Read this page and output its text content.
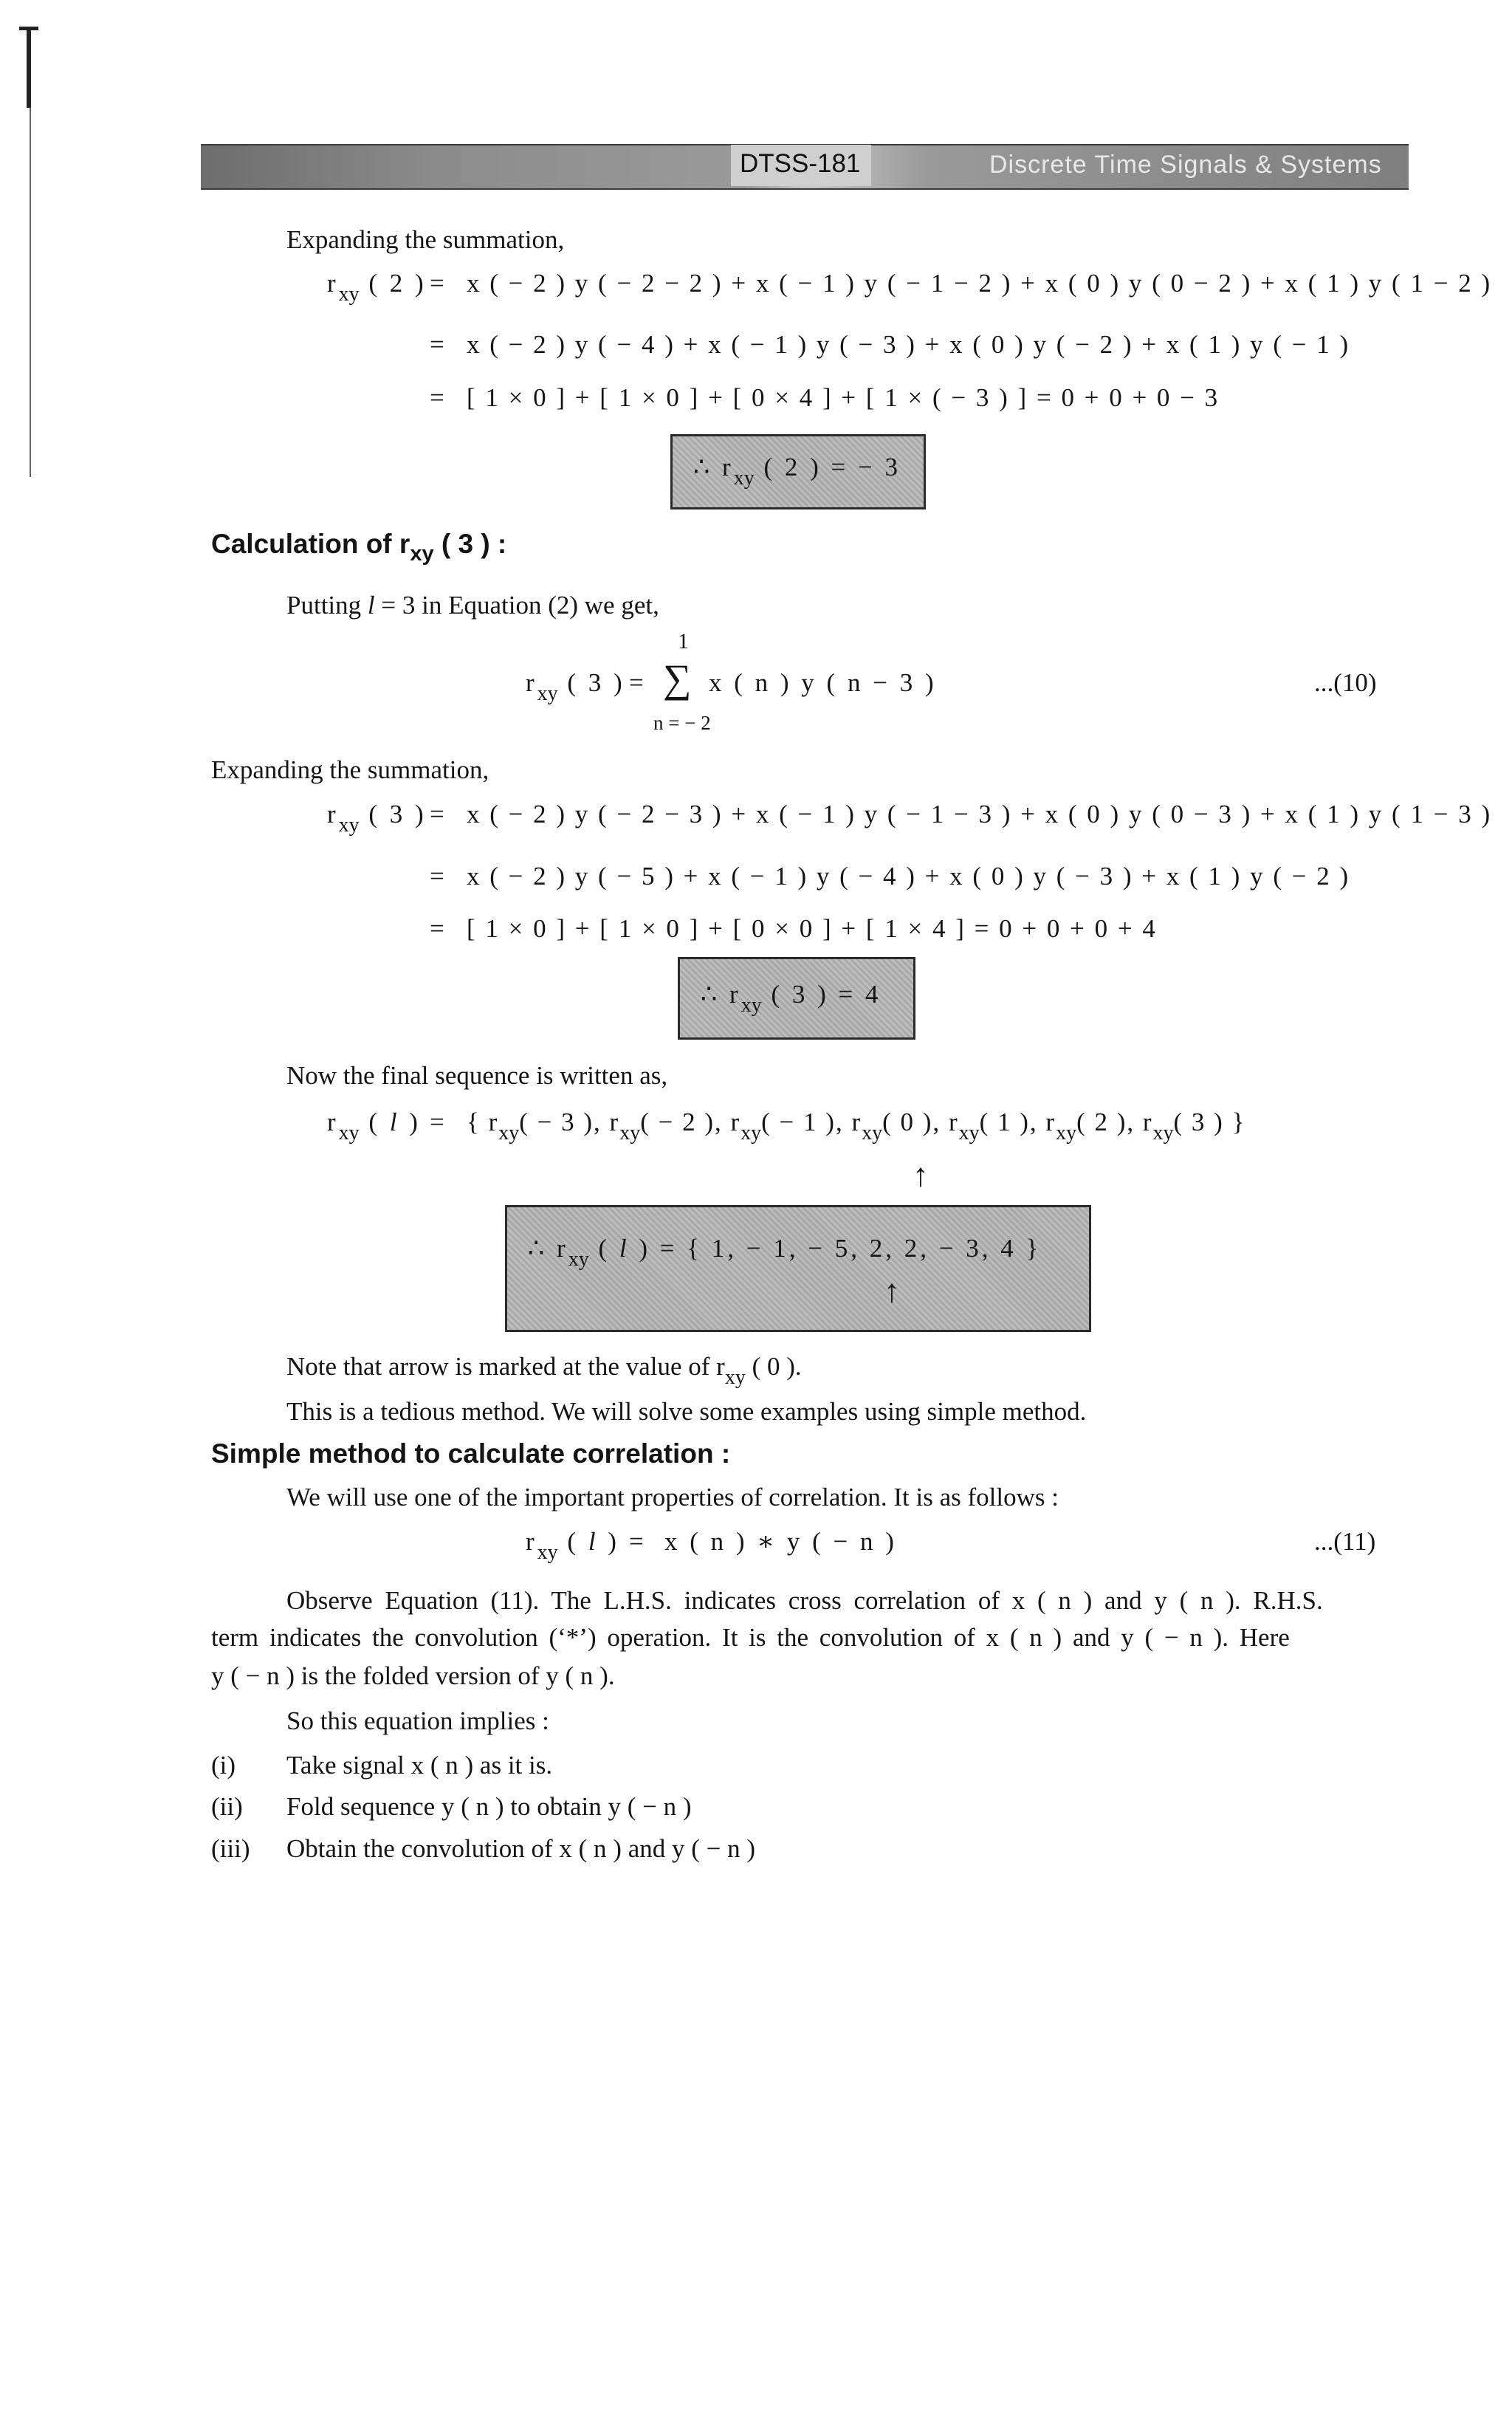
DTSS-181	Discrete Time Signals & Systems
Expanding the summation,
$r_{xy}$ ( 2 ) = x ( − 2 ) y ( − 2 − 2 ) + x ( − 1 ) y ( − 1 − 2 ) + x ( 0 ) y ( 0 − 2 ) + x ( 1 ) y ( 1 − 2 )
= x ( − 2 ) y ( − 4 ) + x ( − 1 ) y ( − 3 ) + x ( 0 ) y ( − 2 ) + x ( 1 ) y ( − 1 )
= [ 1 × 0 ] + [ 1 × 0 ] + [ 0 × 4 ] + [ 1 × ( − 3 ) ] = 0 + 0 + 0 − 3
∴ $r_{xy}$ ( 2 ) = − 3
Calculation of $r_{xy}$ ( 3 ) :
Putting l = 3 in Equation (2) we get,
1
$r_{xy}$ ( 3 ) = ∑ x ( n ) y ( n − 3 )	...(10)
n = − 2
Expanding the summation,
$r_{xy}$ ( 3 ) = x ( − 2 ) y ( − 2 − 3 ) + x ( − 1 ) y ( − 1 − 3 ) + x ( 0 ) y ( 0 − 3 ) + x ( 1 ) y ( 1 − 3 )
= x ( − 2 ) y ( − 5 ) + x ( − 1 ) y ( − 4 ) + x ( 0 ) y ( − 3 ) + x ( 1 ) y ( − 2 )
= [ 1 × 0 ] + [ 1 × 0 ] + [ 0 × 0 ] + [ 1 × 4 ] = 0 + 0 + 0 + 4
∴ $r_{xy}$ ( 3 ) = 4
Now the final sequence is written as,
$r_{xy}$ ( l ) = { $r_{xy}( - 3$ ), $r_{xy}( - 2$ ), $r_{xy}( - 1$ ), $r_{xy}$( 0 ), $r_{xy}$( 1 ), $r_{xy}$( 2 ), $r_{xy}$( 3 ) }
↑
∴ $r_{xy}$ ( l ) = { 1, − 1, − 5, 2, 2, − 3, 4 }
↑
Note that arrow is marked at the value of $r_{xy}$ ( 0 ).
This is a tedious method. We will solve some examples using simple method.
Simple method to calculate correlation :
We will use one of the important properties of correlation. It is as follows :
$r_{xy}$ ( l ) = x ( n ) ∗ y ( − n )	...(11)
Observe Equation (11). The L.H.S. indicates cross correlation of x ( n ) and y ( n ). R.H.S.
term indicates the convolution (‘*’) operation. It is the convolution of x ( n ) and y ( − n ). Here
y ( − n ) is the folded version of y ( n ).
So this equation implies :
(i) Take signal x ( n ) as it is.
(ii) Fold sequence y ( n ) to obtain y ( − n )
(iii) Obtain the convolution of x ( n ) and y ( − n )
